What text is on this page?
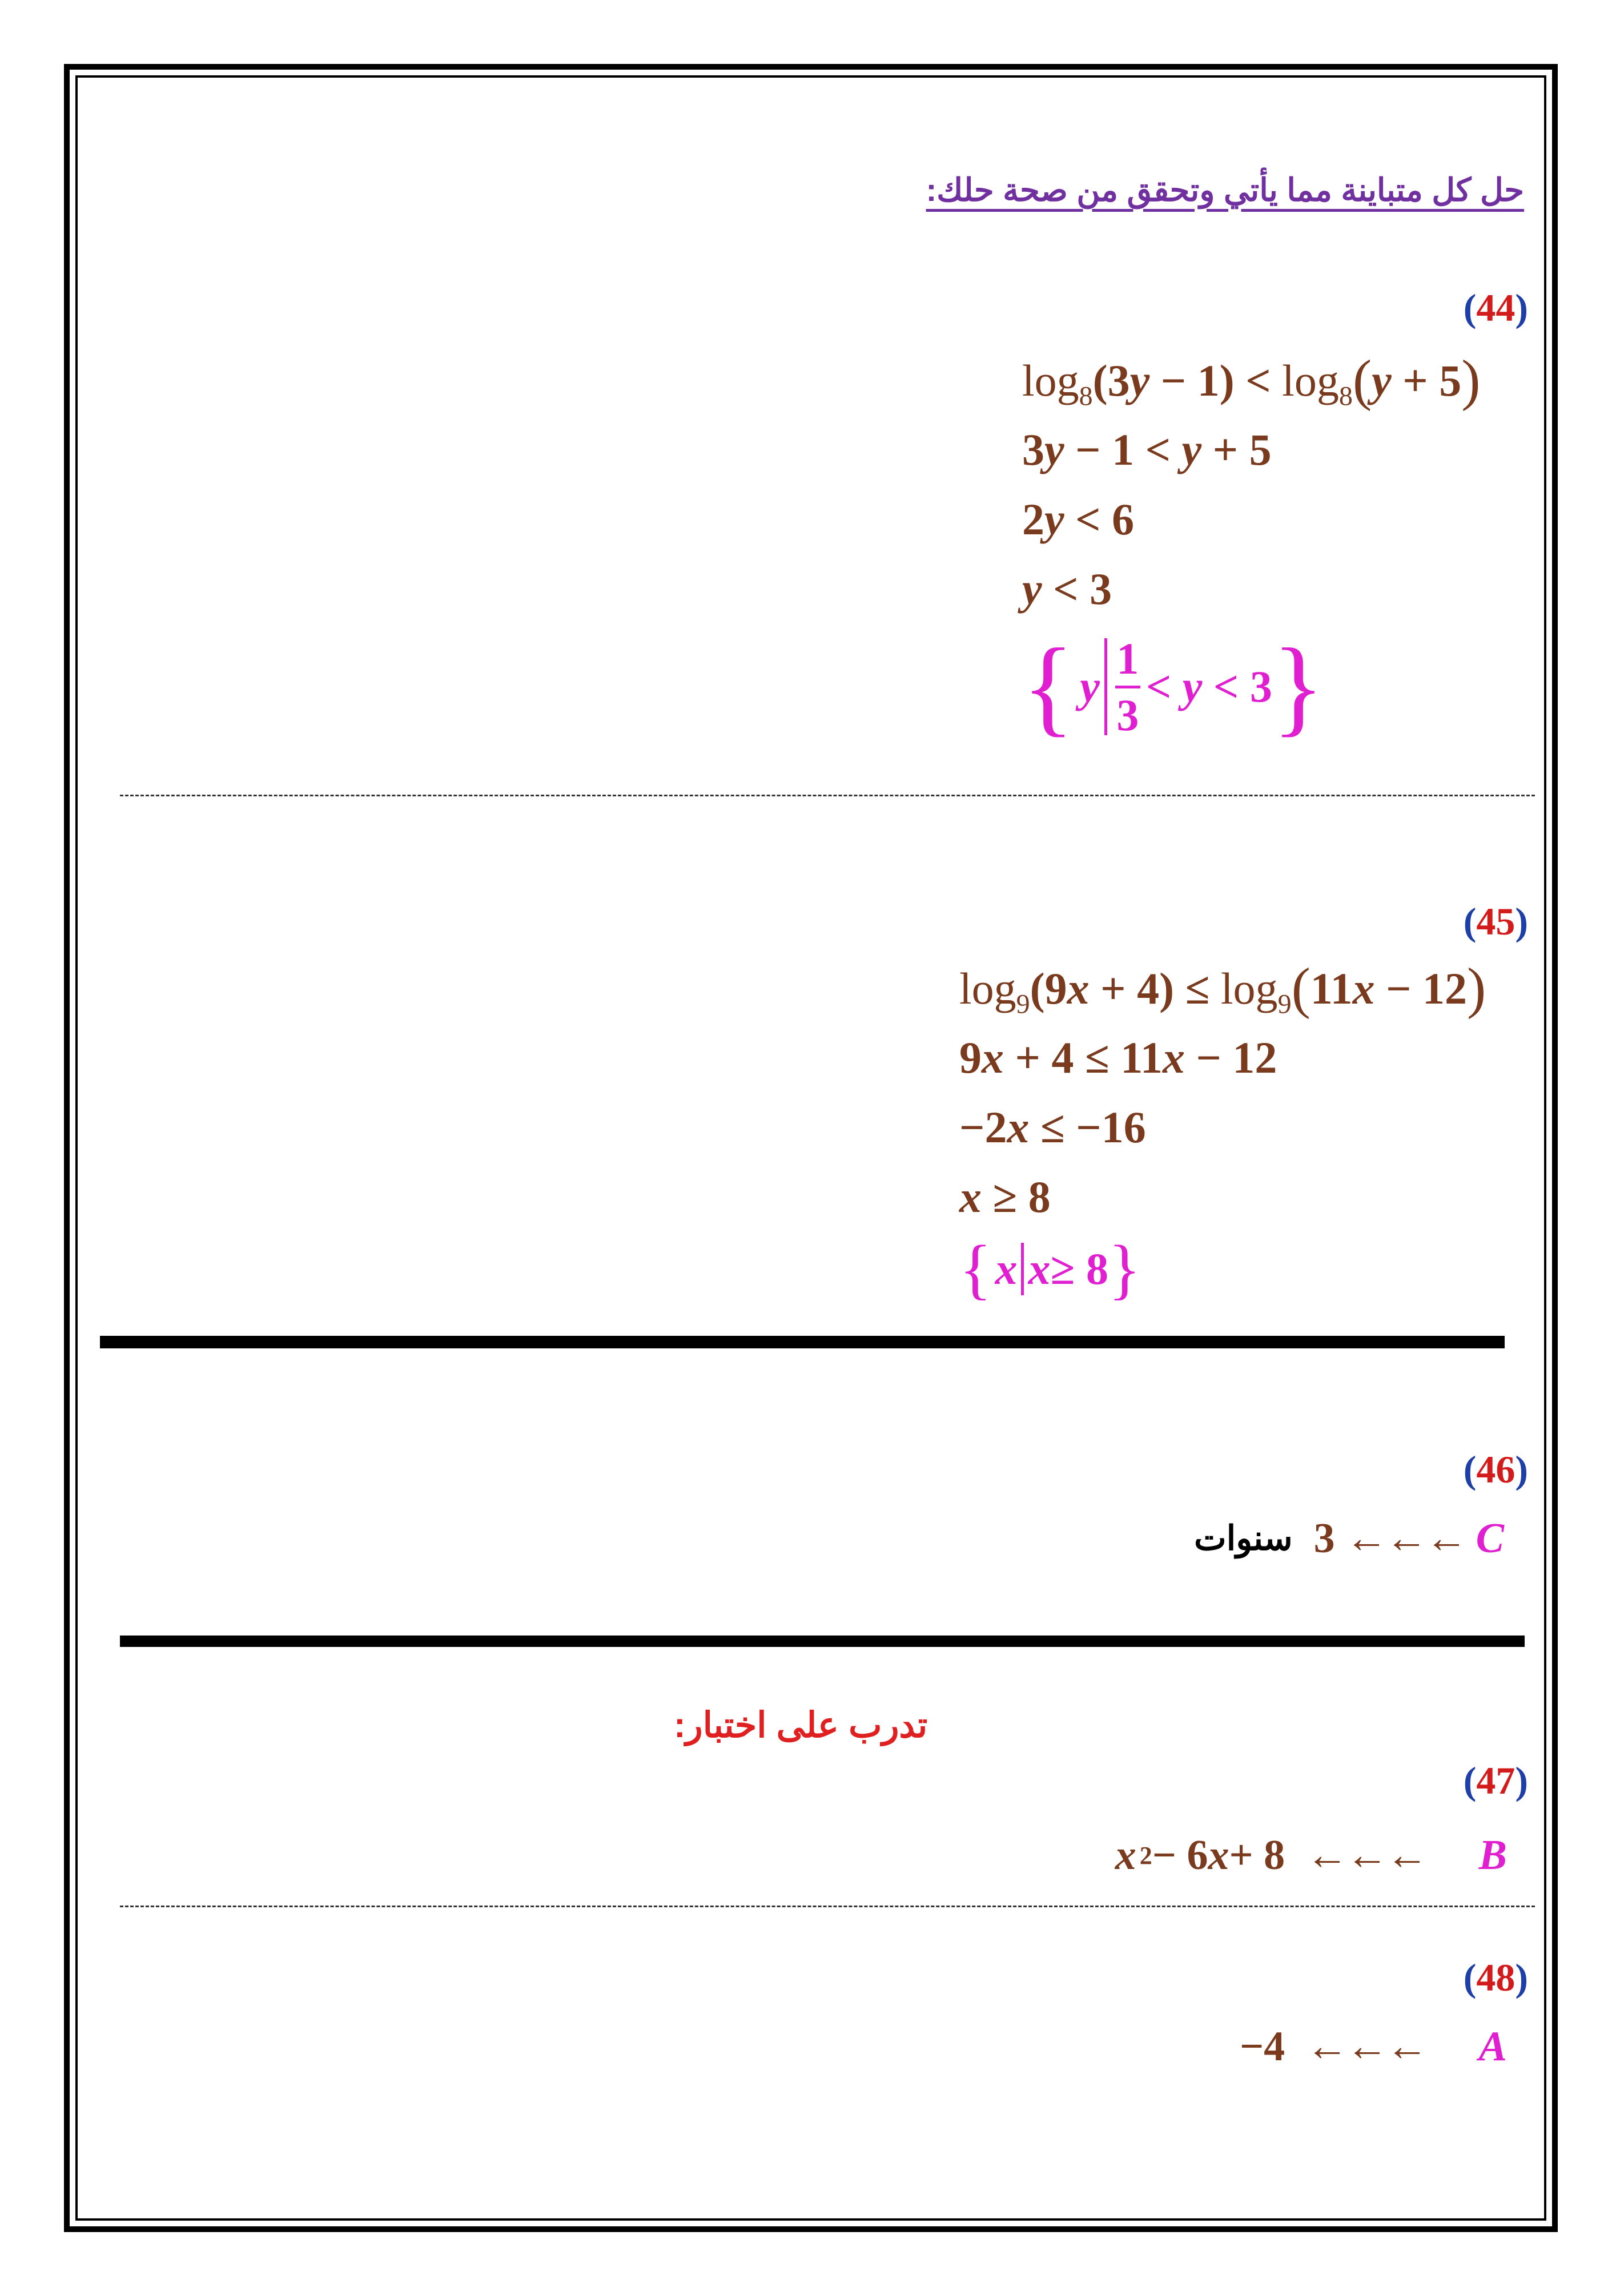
حل كل متباينة مما يأتي وتحقق من صحة حلك:
(44)
$\log_8(3y - 1) < \log_8(y + 5)$
3y − 1 < y + 5
2y < 6
y < 3
{ y
1
3
<
y
< 3 }
(45)
$\log_9(9x + 4) \le \log_9(11x - 12)$
9x + 4 ≤ 11x − 12
−2x ≤ −16
x ≥ 8
{ x x ≥ 8 }
(46)
سنوات
3
←←←
C
تدرب على اختبار:
(47)
x 2 − 6 x + 8
←←←
B
(48)
−4
←←←
A
